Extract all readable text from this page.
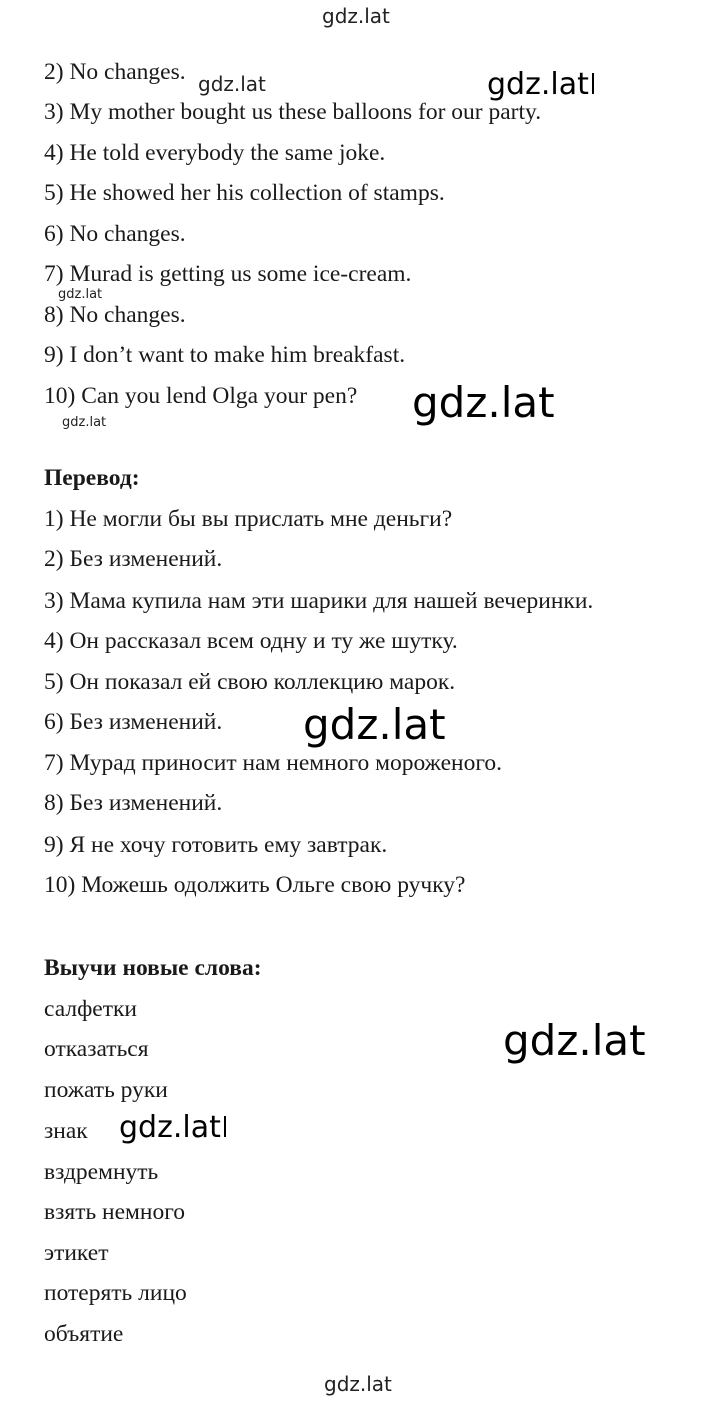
gdz.lat
gdz.lat	gdz.lat
gdz.lat
gdz.lat
gdz.lat
gdz.lat
gdz.lat
gdz.lat
gdz.lat
2) No changes.
3) My mother bought us these balloons for our party.
4) He told everybody the same joke.
5) He showed her his collection of stamps.
6) No changes.
7) Murad is getting us some ice-cream.
8) No changes.
9) I don’t want to make him breakfast.
10) Can you lend Olga your pen?
Перевод:
1) Не могли бы вы прислать мне деньги?
2) Без изменений.
3) Мама купила нам эти шарики для нашей вечеринки.
4) Он рассказал всем одну и ту же шутку.
5) Он показал ей свою коллекцию марок.
6) Без изменений.
7) Мурад приносит нам немного мороженого.
8) Без изменений.
9) Я не хочу готовить ему завтрак.
10) Можешь одолжить Ольге свою ручку?
Выучи новые слова:
салфетки
отказаться
пожать руки
знак
вздремнуть
взять немного
этикет
потерять лицо
объятие
